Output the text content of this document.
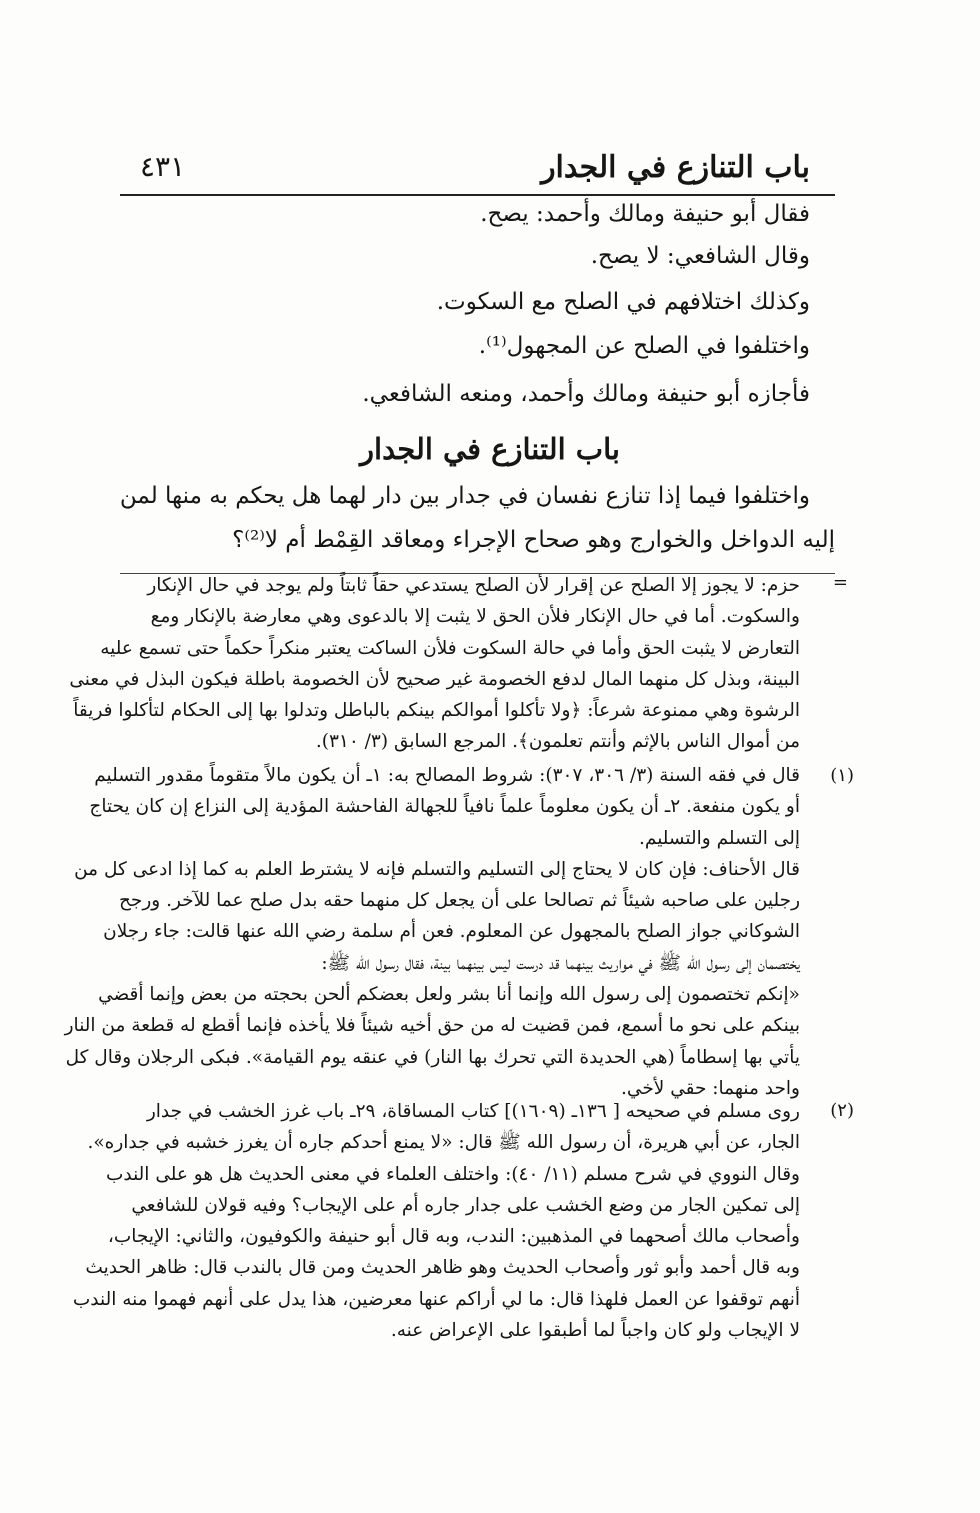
باب التنازع في الجدار
٤٣١
فقال أبو حنيفة ومالك وأحمد: يصح.
وقال الشافعي: لا يصح.
وكذلك اختلافهم في الصلح مع السكوت.
واختلفوا في الصلح عن المجهول⁽¹⁾.
فأجازه أبو حنيفة ومالك وأحمد، ومنعه الشافعي.
باب التنازع في الجدار
واختلفوا فيما إذا تنازع نفسان في جدار بين دار لهما هل يحكم به منها لمن
إليه الدواخل والخوارج وهو صحاح الإجراء ومعاقد القِمْط أم لا⁽²⁾؟
=
حزم: لا يجوز إلا الصلح عن إقرار لأن الصلح يستدعي حقاً ثابتاً ولم يوجد في حال الإنكار
والسكوت. أما في حال الإنكار فلأن الحق لا يثبت إلا بالدعوى وهي معارضة بالإنكار ومع
التعارض لا يثبت الحق وأما في حالة السكوت فلأن الساكت يعتبر منكراً حكماً حتى تسمع عليه
البينة، وبذل كل منهما المال لدفع الخصومة غير صحيح لأن الخصومة باطلة فيكون البذل في معنى
الرشوة وهي ممنوعة شرعاً: ﴿ولا تأكلوا أموالكم بينكم بالباطل وتدلوا بها إلى الحكام لتأكلوا فريقاً
من أموال الناس بالإثم وأنتم تعلمون﴾. المرجع السابق (٣/ ٣١٠).
(١)
قال في فقه السنة (٣/ ٣٠٦، ٣٠٧): شروط المصالح به: ١ـ أن يكون مالاً متقوماً مقدور التسليم
أو يكون منفعة. ٢ـ أن يكون معلوماً علماً نافياً للجهالة الفاحشة المؤدية إلى النزاع إن كان يحتاج
إلى التسلم والتسليم.
قال الأحناف: فإن كان لا يحتاج إلى التسليم والتسلم فإنه لا يشترط العلم به كما إذا ادعى كل من
رجلين على صاحبه شيئاً ثم تصالحا على أن يجعل كل منهما حقه بدل صلح عما للآخر. ورجح
الشوكاني جواز الصلح بالمجهول عن المعلوم. فعن أم سلمة رضي الله عنها قالت: جاء رجلان
يختصمان إلى رسول الله ﷺ في مواريث بينهما قد درست ليس بينهما بينة، فقال رسول الله ﷺ:
«إنكم تختصمون إلى رسول الله وإنما أنا بشر ولعل بعضكم ألحن بحجته من بعض وإنما أقضي
بينكم على نحو ما أسمع، فمن قضيت له من حق أخيه شيئاً فلا يأخذه فإنما أقطع له قطعة من النار
يأتي بها إسطاماً (هي الحديدة التي تحرك بها النار) في عنقه يوم القيامة». فبكى الرجلان وقال كل
واحد منهما: حقي لأخي.
(٢)
روى مسلم في صحيحه [ ١٣٦ـ (١٦٠٩)] كتاب المساقاة، ٢٩ـ باب غرز الخشب في جدار
الجار، عن أبي هريرة، أن رسول الله ﷺ قال: «لا يمنع أحدكم جاره أن يغرز خشبه في جداره».
وقال النووي في شرح مسلم (١١/ ٤٠): واختلف العلماء في معنى الحديث هل هو على الندب
إلى تمكين الجار من وضع الخشب على جدار جاره أم على الإيجاب؟ وفيه قولان للشافعي
وأصحاب مالك أصحهما في المذهبين: الندب، وبه قال أبو حنيفة والكوفيون، والثاني: الإيجاب،
وبه قال أحمد وأبو ثور وأصحاب الحديث وهو ظاهر الحديث ومن قال بالندب قال: ظاهر الحديث
أنهم توقفوا عن العمل فلهذا قال: ما لي أراكم عنها معرضين، هذا يدل على أنهم فهموا منه الندب
لا الإيجاب ولو كان واجباً لما أطبقوا على الإعراض عنه.
